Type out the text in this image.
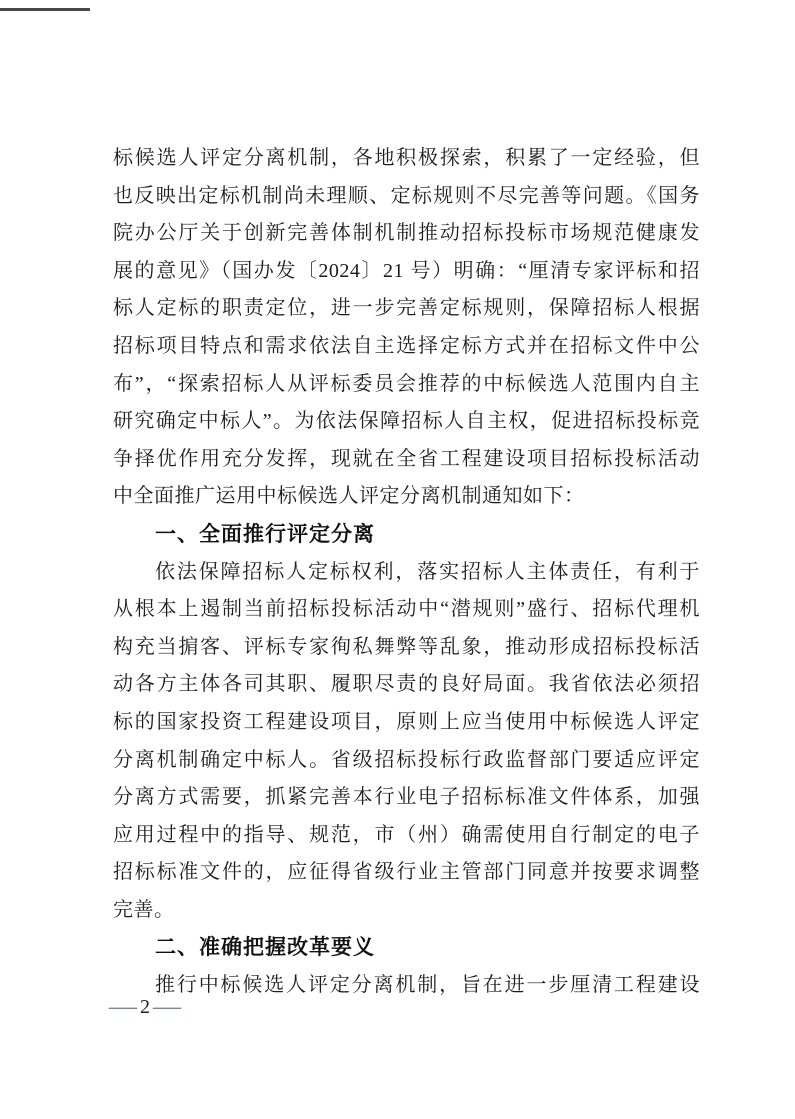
标候选人评定分离机制，各地积极探索，积累了一定经验，但
也反映出定标机制尚未理顺、定标规则不尽完善等问题。《国务
院办公厅关于创新完善体制机制推动招标投标市场规范健康发
展的意见》（国办发〔2024〕21 号）明确：“厘清专家评标和招
标人定标的职责定位，进一步完善定标规则，保障招标人根据
招标项目特点和需求依法自主选择定标方式并在招标文件中公
布”，“探索招标人从评标委员会推荐的中标候选人范围内自主
研究确定中标人”。为依法保障招标人自主权，促进招标投标竞
争择优作用充分发挥，现就在全省工程建设项目招标投标活动
中全面推广运用中标候选人评定分离机制通知如下：
一、全面推行评定分离
依法保障招标人定标权利，落实招标人主体责任，有利于
从根本上遏制当前招标投标活动中“潜规则”盛行、招标代理机
构充当掮客、评标专家徇私舞弊等乱象，推动形成招标投标活
动各方主体各司其职、履职尽责的良好局面。我省依法必须招
标的国家投资工程建设项目，原则上应当使用中标候选人评定
分离机制确定中标人。省级招标投标行政监督部门要适应评定
分离方式需要，抓紧完善本行业电子招标标准文件体系，加强
应用过程中的指导、规范，市（州）确需使用自行制定的电子
招标标准文件的，应征得省级行业主管部门同意并按要求调整
完善。
二、准确把握改革要义
推行中标候选人评定分离机制，旨在进一步厘清工程建设
— 2 —
